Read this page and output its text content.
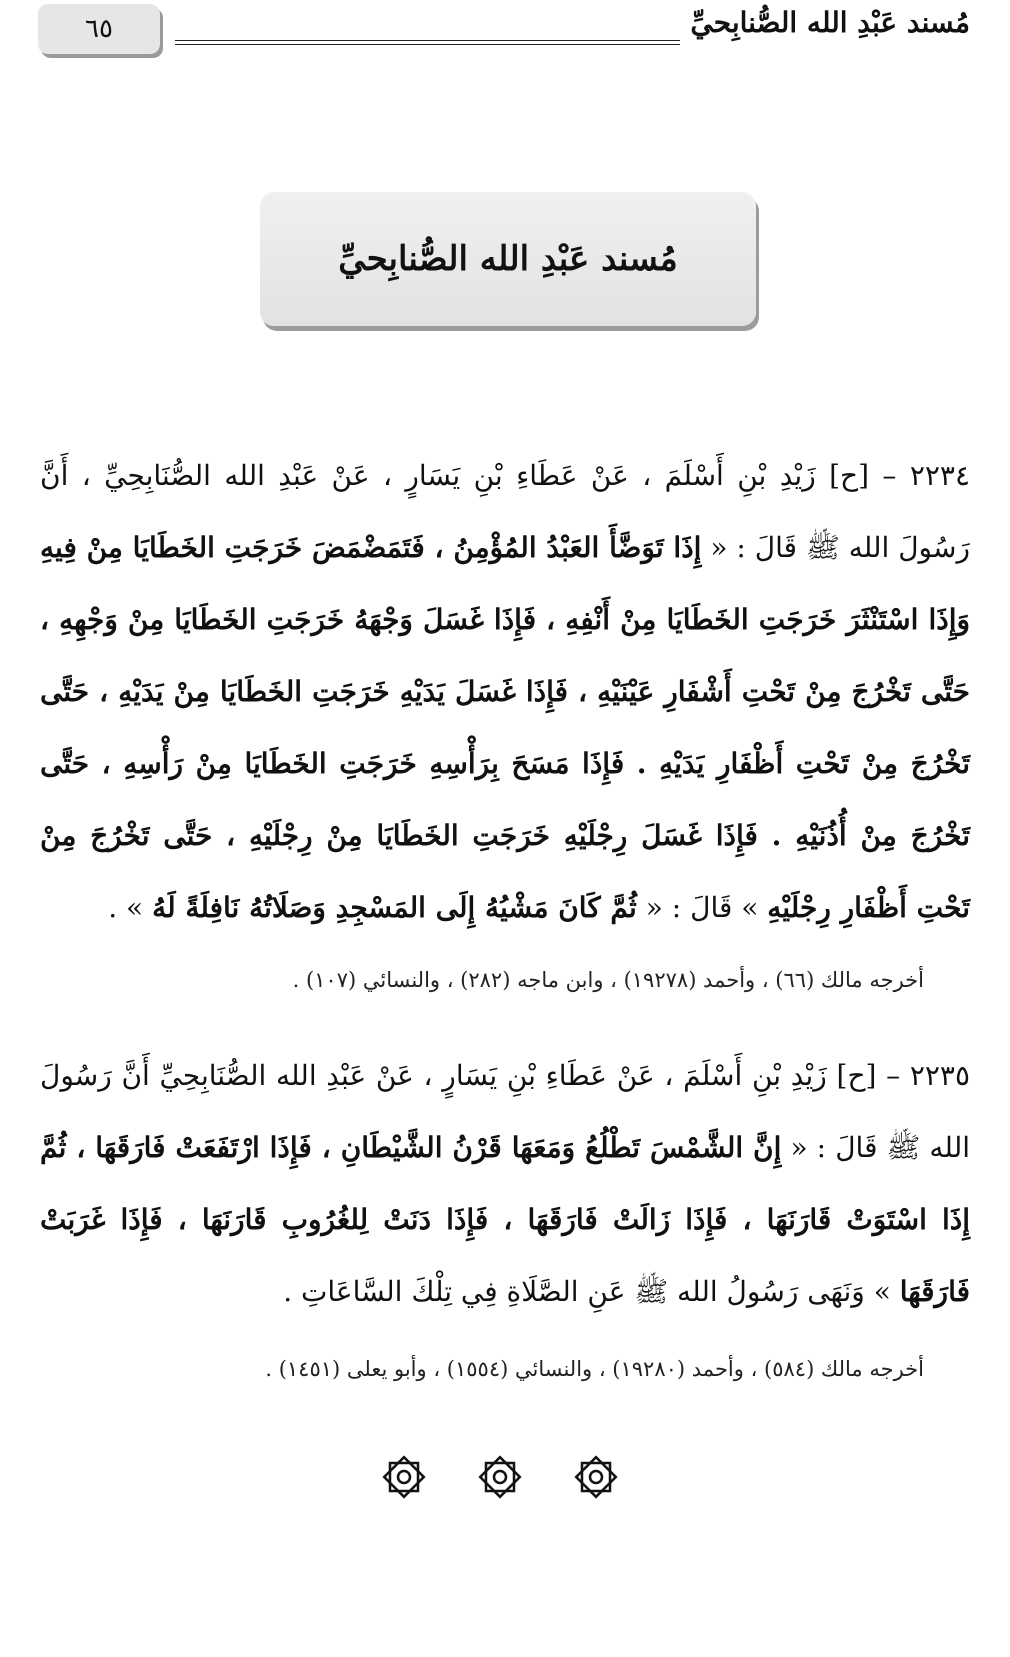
٦٥	مُسند عَبْدِ الله الصُّنابِحيِّ
مُسند عَبْدِ الله الصُّنابِحيِّ
٢٢٣٤ – [ح] زَيْدِ بْنِ أَسْلَمَ ، عَنْ عَطَاءِ بْنِ يَسَارٍ ، عَنْ عَبْدِ الله الصُّنَابِحِيِّ ، أَنَّ رَسُولَ الله ﷺ قَالَ : « إِذَا تَوَضَّأَ العَبْدُ المُؤْمِنُ ، فَتَمَضْمَضَ خَرَجَتِ الخَطَايَا مِنْ فِيهِ وَإِذَا اسْتَنْثَرَ خَرَجَتِ الخَطَايَا مِنْ أَنْفِهِ ، فَإِذَا غَسَلَ وَجْهَهُ خَرَجَتِ الخَطَايَا مِنْ وَجْهِهِ ، حَتَّى تَخْرُجَ مِنْ تَحْتِ أَشْفَارِ عَيْنَيْهِ ، فَإِذَا غَسَلَ يَدَيْهِ خَرَجَتِ الخَطَايَا مِنْ يَدَيْهِ ، حَتَّى تَخْرُجَ مِنْ تَحْتِ أَظْفَارِ يَدَيْهِ . فَإِذَا مَسَحَ بِرَأْسِهِ خَرَجَتِ الخَطَايَا مِنْ رَأْسِهِ ، حَتَّى تَخْرُجَ مِنْ أُذُنَيْهِ . فَإِذَا غَسَلَ رِجْلَيْهِ خَرَجَتِ الخَطَايَا مِنْ رِجْلَيْهِ ، حَتَّى تَخْرُجَ مِنْ تَحْتِ أَظْفَارِ رِجْلَيْهِ » قَالَ : « ثُمَّ كَانَ مَشْيُهُ إِلَى المَسْجِدِ وَصَلَاتُهُ نَافِلَةً لَهُ » .
أخرجه مالك (٦٦) ، وأحمد (١٩٢٧٨) ، وابن ماجه (٢٨٢) ، والنسائي (١٠٧) .
٢٢٣٥ – [ح] زَيْدِ بْنِ أَسْلَمَ ، عَنْ عَطَاءِ بْنِ يَسَارٍ ، عَنْ عَبْدِ الله الصُّنَابِحِيِّ أَنَّ رَسُولَ الله ﷺ قَالَ : « إِنَّ الشَّمْسَ تَطْلُعُ وَمَعَهَا قَرْنُ الشَّيْطَانِ ، فَإِذَا ارْتَفَعَتْ فَارَقَهَا ، ثُمَّ إِذَا اسْتَوَتْ قَارَنَهَا ، فَإِذَا زَالَتْ فَارَقَهَا ، فَإِذَا دَنَتْ لِلغُرُوبِ قَارَنَهَا ، فَإِذَا غَرَبَتْ فَارَقَهَا » وَنَهَى رَسُولُ الله ﷺ عَنِ الصَّلَاةِ فِي تِلْكَ السَّاعَاتِ .
أخرجه مالك (٥٨٤) ، وأحمد (١٩٢٨٠) ، والنسائي (١٥٥٤) ، وأبو يعلى (١٤٥١) .
